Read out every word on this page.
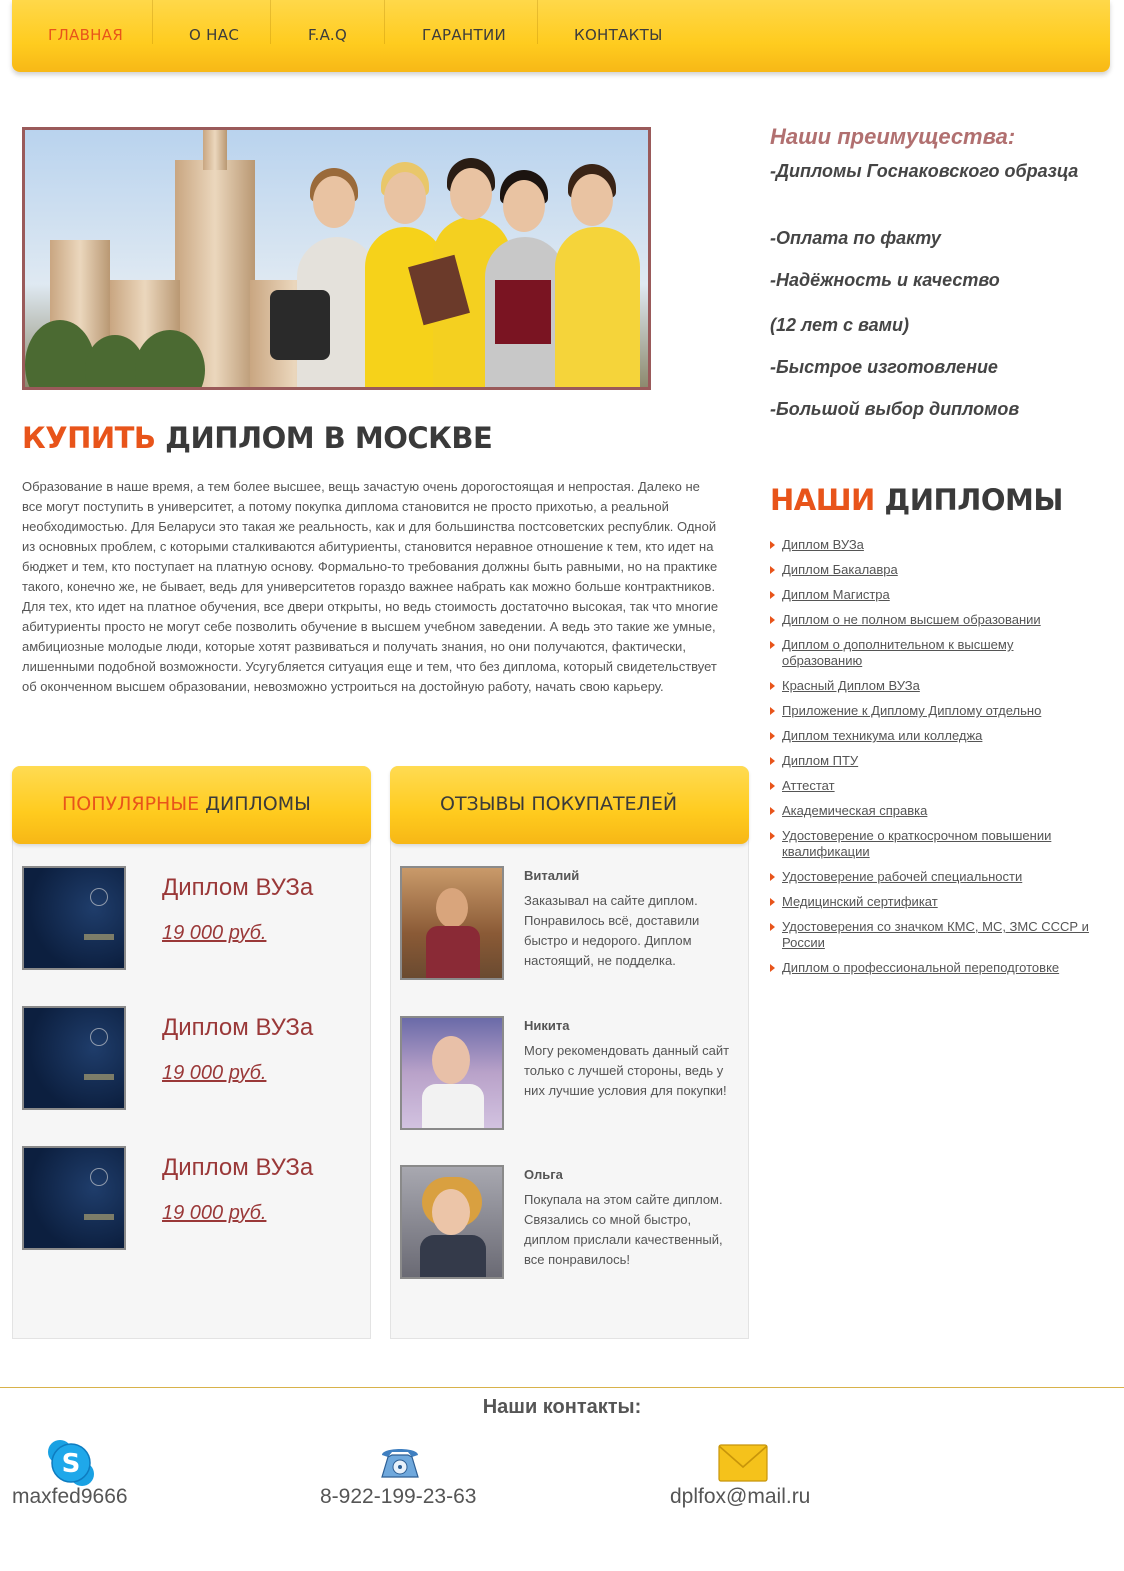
ГЛАВНАЯ	О НАС	F.A.Q	ГАРАНТИИ	КОНТАКТЫ
КУПИТЬ ДИПЛОМ В МОСКВЕ

Образование в наше время, а тем более высшее, вещь зачастую очень дорогостоящая и непростая. Далеко не все могут поступить в университет, а потому покупка диплома становится не просто прихотью, а реальной необходимостью. Для Беларуси это такая же реальность, как и для большинства постсоветских республик. Одной из основных проблем, с которыми сталкиваются абитуриенты, становится неравное отношение к тем, кто идет на бюджет и тем, кто поступает на платную основу. Формально-то требования должны быть равными, но на практике такого, конечно же, не бывает, ведь для университетов гораздо важнее набрать как можно больше контрактников. Для тех, кто идет на платное обучения, все двери открыты, но ведь стоимость достаточно высокая, так что многие абитуриенты просто не могут себе позволить обучение в высшем учебном заведении. А ведь это такие же умные, амбициозные молодые люди, которые хотят развиваться и получать знания, но они получаются, фактически, лишенными подобной возможности. Усугубляется ситуация еще и тем, что без диплома, который свидетельствует об оконченном высшем образовании, невозможно устроиться на достойную работу, начать свою карьеру.

Наши преимущества:
-Дипломы Госнаковского образца
-Оплата по факту
-Надёжность и качество
(12 лет с вами)
-Быстрое изготовление
-Большой выбор дипломов
НАШИ ДИПЛОМЫ
Диплом ВУЗа
Диплом Бакалавра
Диплом Магистра
Диплом о не полном высшем образовании
Диплом о дополнительном к высшему образованию
Красный Диплом ВУЗа
Приложение к Диплому Диплому отдельно
Диплом техникума или колледжа
Диплом ПТУ
Аттестат
Академическая справка
Удостоверение о краткосрочном повышении квалификации
Удостоверение рабочей специальности
Медицинский сертификат
Удостоверения со значком КМС, МС, ЗМС СССР и России
Диплом о профессиональной переподготовке
ПОПУЛЯРНЫЕ ДИПЛОМЫ
Диплом ВУЗа
19 000 руб.
Диплом ВУЗа
19 000 руб.
Диплом ВУЗа
19 000 руб.
ОТЗЫВЫ ПОКУПАТЕЛЕЙ
Виталий

Заказывал на сайте диплом. Понравилось всё, доставили быстро и недорого. Диплом настоящий, не подделка.

Никита

Могу рекомендовать данный сайт только с лучшей стороны, ведь у них лучшие условия для покупки!

Ольга

Покупала на этом сайте диплом. Связались со мной быстро, диплом прислали качественный, все понравилось!

Наши контакты:
S
maxfed9666	8-922-199-23-63	dplfox@mail.ru
